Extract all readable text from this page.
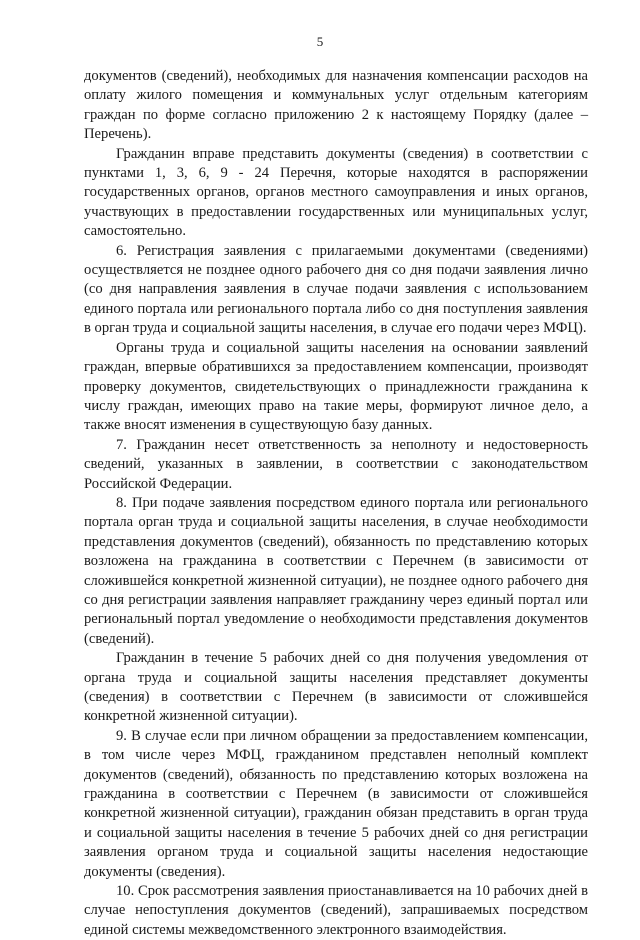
5

документов (сведений), необходимых для назначения компенсации расходов на оплату жилого помещения и коммунальных услуг отдельным категориям граждан по форме согласно приложению 2 к настоящему Порядку (далее – Перечень).

Гражданин вправе представить документы (сведения) в соответствии с пунктами 1, 3, 6, 9 - 24 Перечня, которые находятся в распоряжении государственных органов, органов местного самоуправления и иных органов, участвующих в предоставлении государственных или муниципальных услуг, самостоятельно.

6. Регистрация заявления с прилагаемыми документами (сведениями) осуществляется не позднее одного рабочего дня со дня подачи заявления лично (со дня направления заявления в случае подачи заявления с использованием единого портала или регионального портала либо со дня поступления заявления в орган труда и социальной защиты населения, в случае его подачи через МФЦ).

Органы труда и социальной защиты населения на основании заявлений граждан, впервые обратившихся за предоставлением компенсации, производят проверку документов, свидетельствующих о принадлежности гражданина к числу граждан, имеющих право на такие меры, формируют личное дело, а также вносят изменения в существующую базу данных.

7. Гражданин несет ответственность за неполноту и недостоверность сведений, указанных в заявлении, в соответствии с законодательством Российской Федерации.

8. При подаче заявления посредством единого портала или регионального портала орган труда и социальной защиты населения, в случае необходимости представления документов (сведений), обязанность по представлению которых возложена на гражданина в соответствии с Перечнем (в зависимости от сложившейся конкретной жизненной ситуации), не позднее одного рабочего дня со дня регистрации заявления направляет гражданину через единый портал или региональный портал уведомление о необходимости представления документов (сведений).

Гражданин в течение 5 рабочих дней со дня получения уведомления от органа труда и социальной защиты населения представляет документы (сведения) в соответствии с Перечнем (в зависимости от сложившейся конкретной жизненной ситуации).

9. В случае если при личном обращении за предоставлением компенсации, в том числе через МФЦ, гражданином представлен неполный комплект документов (сведений), обязанность по представлению которых возложена на гражданина в соответствии с Перечнем (в зависимости от сложившейся конкретной жизненной ситуации), гражданин обязан представить в орган труда и социальной защиты населения в течение 5 рабочих дней со дня регистрации заявления органом труда и социальной защиты населения недостающие документы (сведения).

10. Срок рассмотрения заявления приостанавливается на 10 рабочих дней в случае непоступления документов (сведений), запрашиваемых посредством единой системы межведомственного электронного взаимодействия.
